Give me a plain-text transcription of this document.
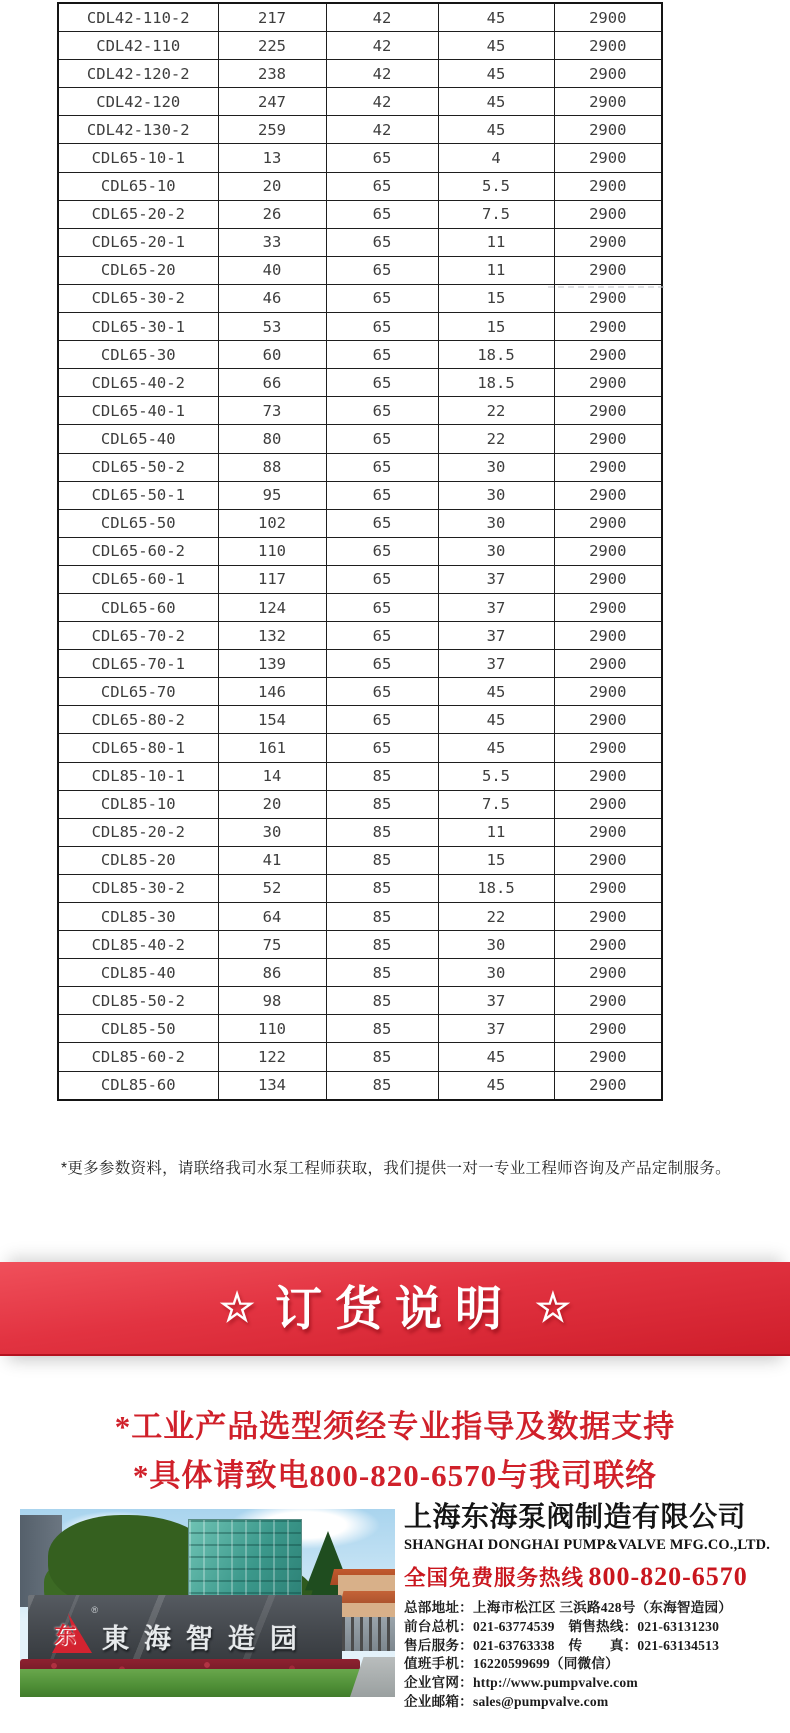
CDL42-110-2	217	42	45	2900
CDL42-110	225	42	45	2900
CDL42-120-2	238	42	45	2900
CDL42-120	247	42	45	2900
CDL42-130-2	259	42	45	2900
CDL65-10-1	13	65	4	2900
CDL65-10	20	65	5.5	2900
CDL65-20-2	26	65	7.5	2900
CDL65-20-1	33	65	11	2900
CDL65-20	40	65	11	2900
CDL65-30-2	46	65	15	2900
CDL65-30-1	53	65	15	2900
CDL65-30	60	65	18.5	2900
CDL65-40-2	66	65	18.5	2900
CDL65-40-1	73	65	22	2900
CDL65-40	80	65	22	2900
CDL65-50-2	88	65	30	2900
CDL65-50-1	95	65	30	2900
CDL65-50	102	65	30	2900
CDL65-60-2	110	65	30	2900
CDL65-60-1	117	65	37	2900
CDL65-60	124	65	37	2900
CDL65-70-2	132	65	37	2900
CDL65-70-1	139	65	37	2900
CDL65-70	146	65	45	2900
CDL65-80-2	154	65	45	2900
CDL65-80-1	161	65	45	2900
CDL85-10-1	14	85	5.5	2900
CDL85-10	20	85	7.5	2900
CDL85-20-2	30	85	11	2900
CDL85-20	41	85	15	2900
CDL85-30-2	52	85	18.5	2900
CDL85-30	64	85	22	2900
CDL85-40-2	75	85	30	2900
CDL85-40	86	85	30	2900
CDL85-50-2	98	85	37	2900
CDL85-50	110	85	37	2900
CDL85-60-2	122	85	45	2900
CDL85-60	134	85	45	2900
*更多参数资料，请联络我司水泵工程师获取，我们提供一对一专业工程师咨询及产品定制服务。
☆ 订货说明 ☆
*工业产品选型须经专业指导及数据支持
*具体请致电800-820-6570与我司联络
东
®
東海智造园
上海东海泵阀制造有限公司
SHANGHAI DONGHAI PUMP&VALVE MFG.CO.,LTD.
全国免费服务热线 800-820-6570
总部地址：上海市松江区 三浜路428号（东海智造园）
前台总机：021-63774539　销售热线：021-63131230
售后服务：021-63763338　传　　真：021-63134513
值班手机：16220599699（同微信）
企业官网：http://www.pumpvalve.com
企业邮箱：sales@pumpvalve.com
